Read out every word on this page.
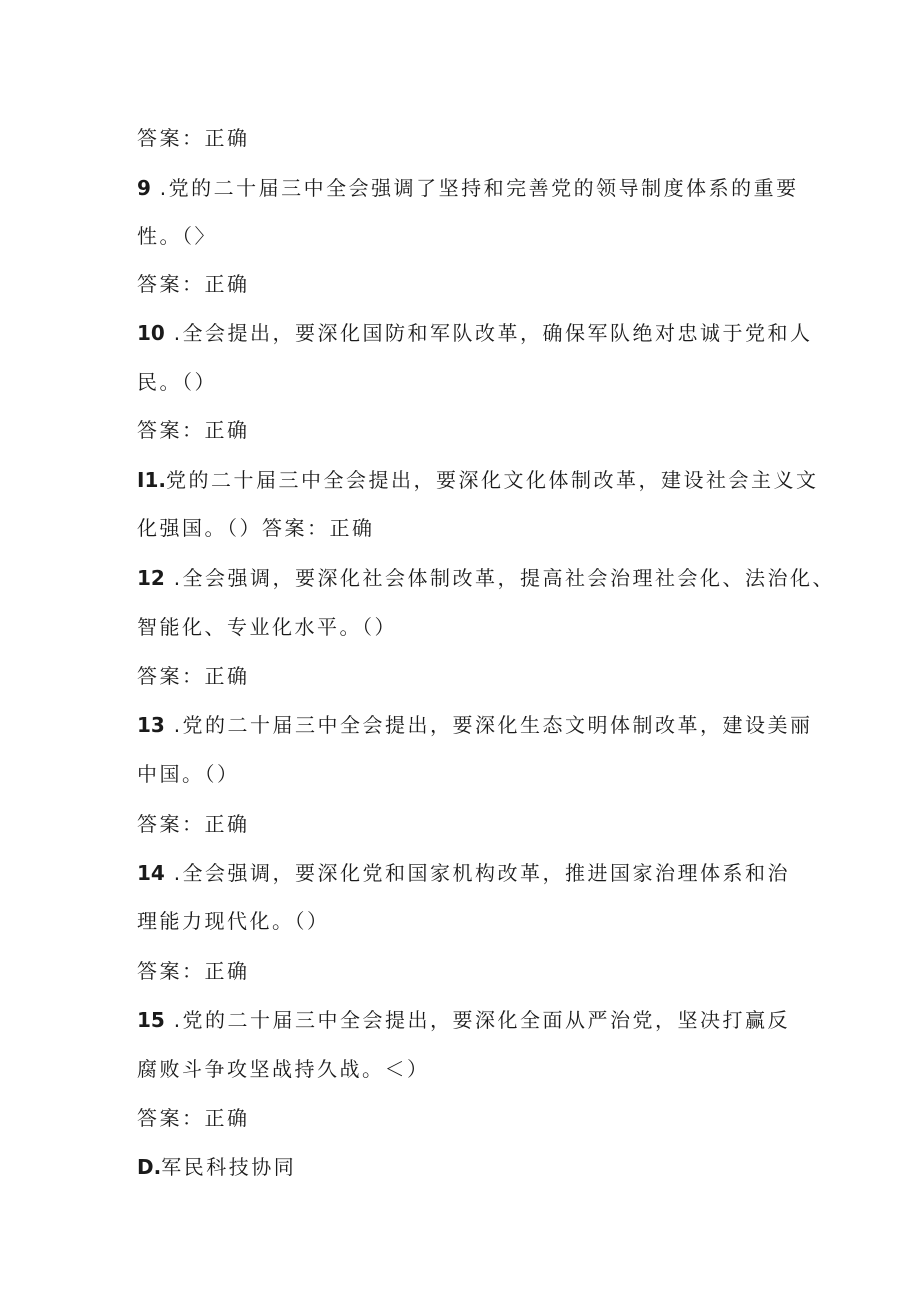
答案：正确
9 .党的二十届三中全会强调了坚持和完善党的领导制度体系的重要
性。（〉
答案：正确
10 .全会提出，要深化国防和军队改革，确保军队绝对忠诚于党和人
民。（）
答案：正确
I1.党的二十届三中全会提出，要深化文化体制改革，建设社会主义文
化强国。（）答案：正确
12 .全会强调，要深化社会体制改革，提高社会治理社会化、法治化、
智能化、专业化水平。（）
答案：正确
13 .党的二十届三中全会提出，要深化生态文明体制改革，建设美丽
中国。（）
答案：正确
14 .全会强调，要深化党和国家机构改革，推进国家治理体系和治
理能力现代化。（）
答案：正确
15 .党的二十届三中全会提出，要深化全面从严治党，坚决打赢反
腐败斗争攻坚战持久战。＜）
答案：正确
D.军民科技协同
